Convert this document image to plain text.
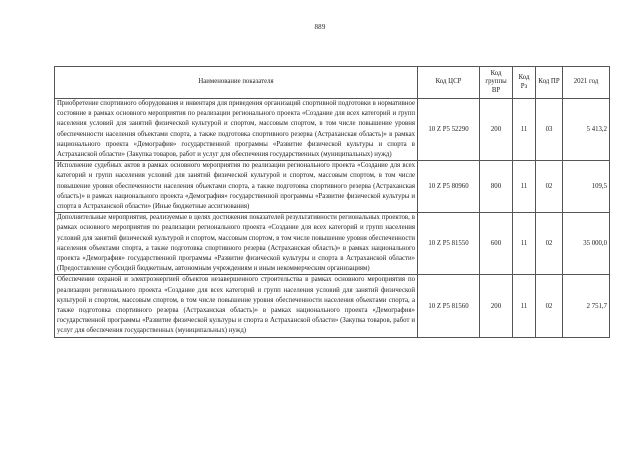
889
Наименование показателя	Код ЦСР	Код группы ВР	Код Рз	Код ПР	2021 год
Приобретение спортивного оборудования и инвентаря для приведения организаций спортивной подготовки в нормативное состояние в рамках основного мероприятия по реализации регионального проекта «Создание для всех категорий и групп населения условий для занятий физической культурой и спортом, массовым спортом, в том числе повышение уровня обеспеченности населения объектами спорта, а также подготовка спортивного резерва (Астраханская область)» в рамках национального проекта «Демография» государственной программы «Развитие физической культуры и спорта в Астраханской области» (Закупка товаров, работ и услуг для обеспечения государственных (муниципальных) нужд)	10 Z P5 52290	200	11	03	5 413,2
Исполнение судебных актов в рамках основного мероприятия по реализации регионального проекта «Создание для всех категорий и групп населения условий для занятий физической культурой и спортом, массовым спортом, в том числе повышение уровня обеспеченности населения объектами спорта, а также подготовка спортивного резерва (Астраханская область)» в рамках национального проекта «Демография» государственной программы «Развитие физической культуры и спорта в Астраханской области» (Иные бюджетные ассигнования)	10 Z P5 80960	800	11	02	109,5
Дополнительные мероприятия, реализуемые в целях достижения показателей результативности региональных проектов, в рамках основного мероприятия по реализации регионального проекта «Создание для всех категорий и групп населения условий для занятий физической культурой и спортом, массовым спортом, в том числе повышение уровня обеспеченности населения объектами спорта, а также подготовка спортивного резерва (Астраханская область)» в рамках национального проекта «Демография» государственной программы «Развитие физической культуры и спорта в Астраханской области» (Предоставление субсидий бюджетным, автономным учреждениям и иным некоммерческим организациям)	10 Z P5 81550	600	11	02	35 000,0
Обеспечение охраной и электроэнергией объектов незавершенного строительства в рамках основного мероприятия по реализации регионального проекта «Создание для всех категорий и групп населения условий для занятий физической культурой и спортом, массовым спортом, в том числе повышение уровня обеспеченности населения объектами спорта, а также подготовка спортивного резерва (Астраханская область)» в рамках национального проекта «Демография» государственной программы «Развитие физической культуры и спорта в Астраханской области» (Закупка товаров, работ и услуг для обеспечения государственных (муниципальных) нужд)	10 Z P5 81560	200	11	02	2 751,7
